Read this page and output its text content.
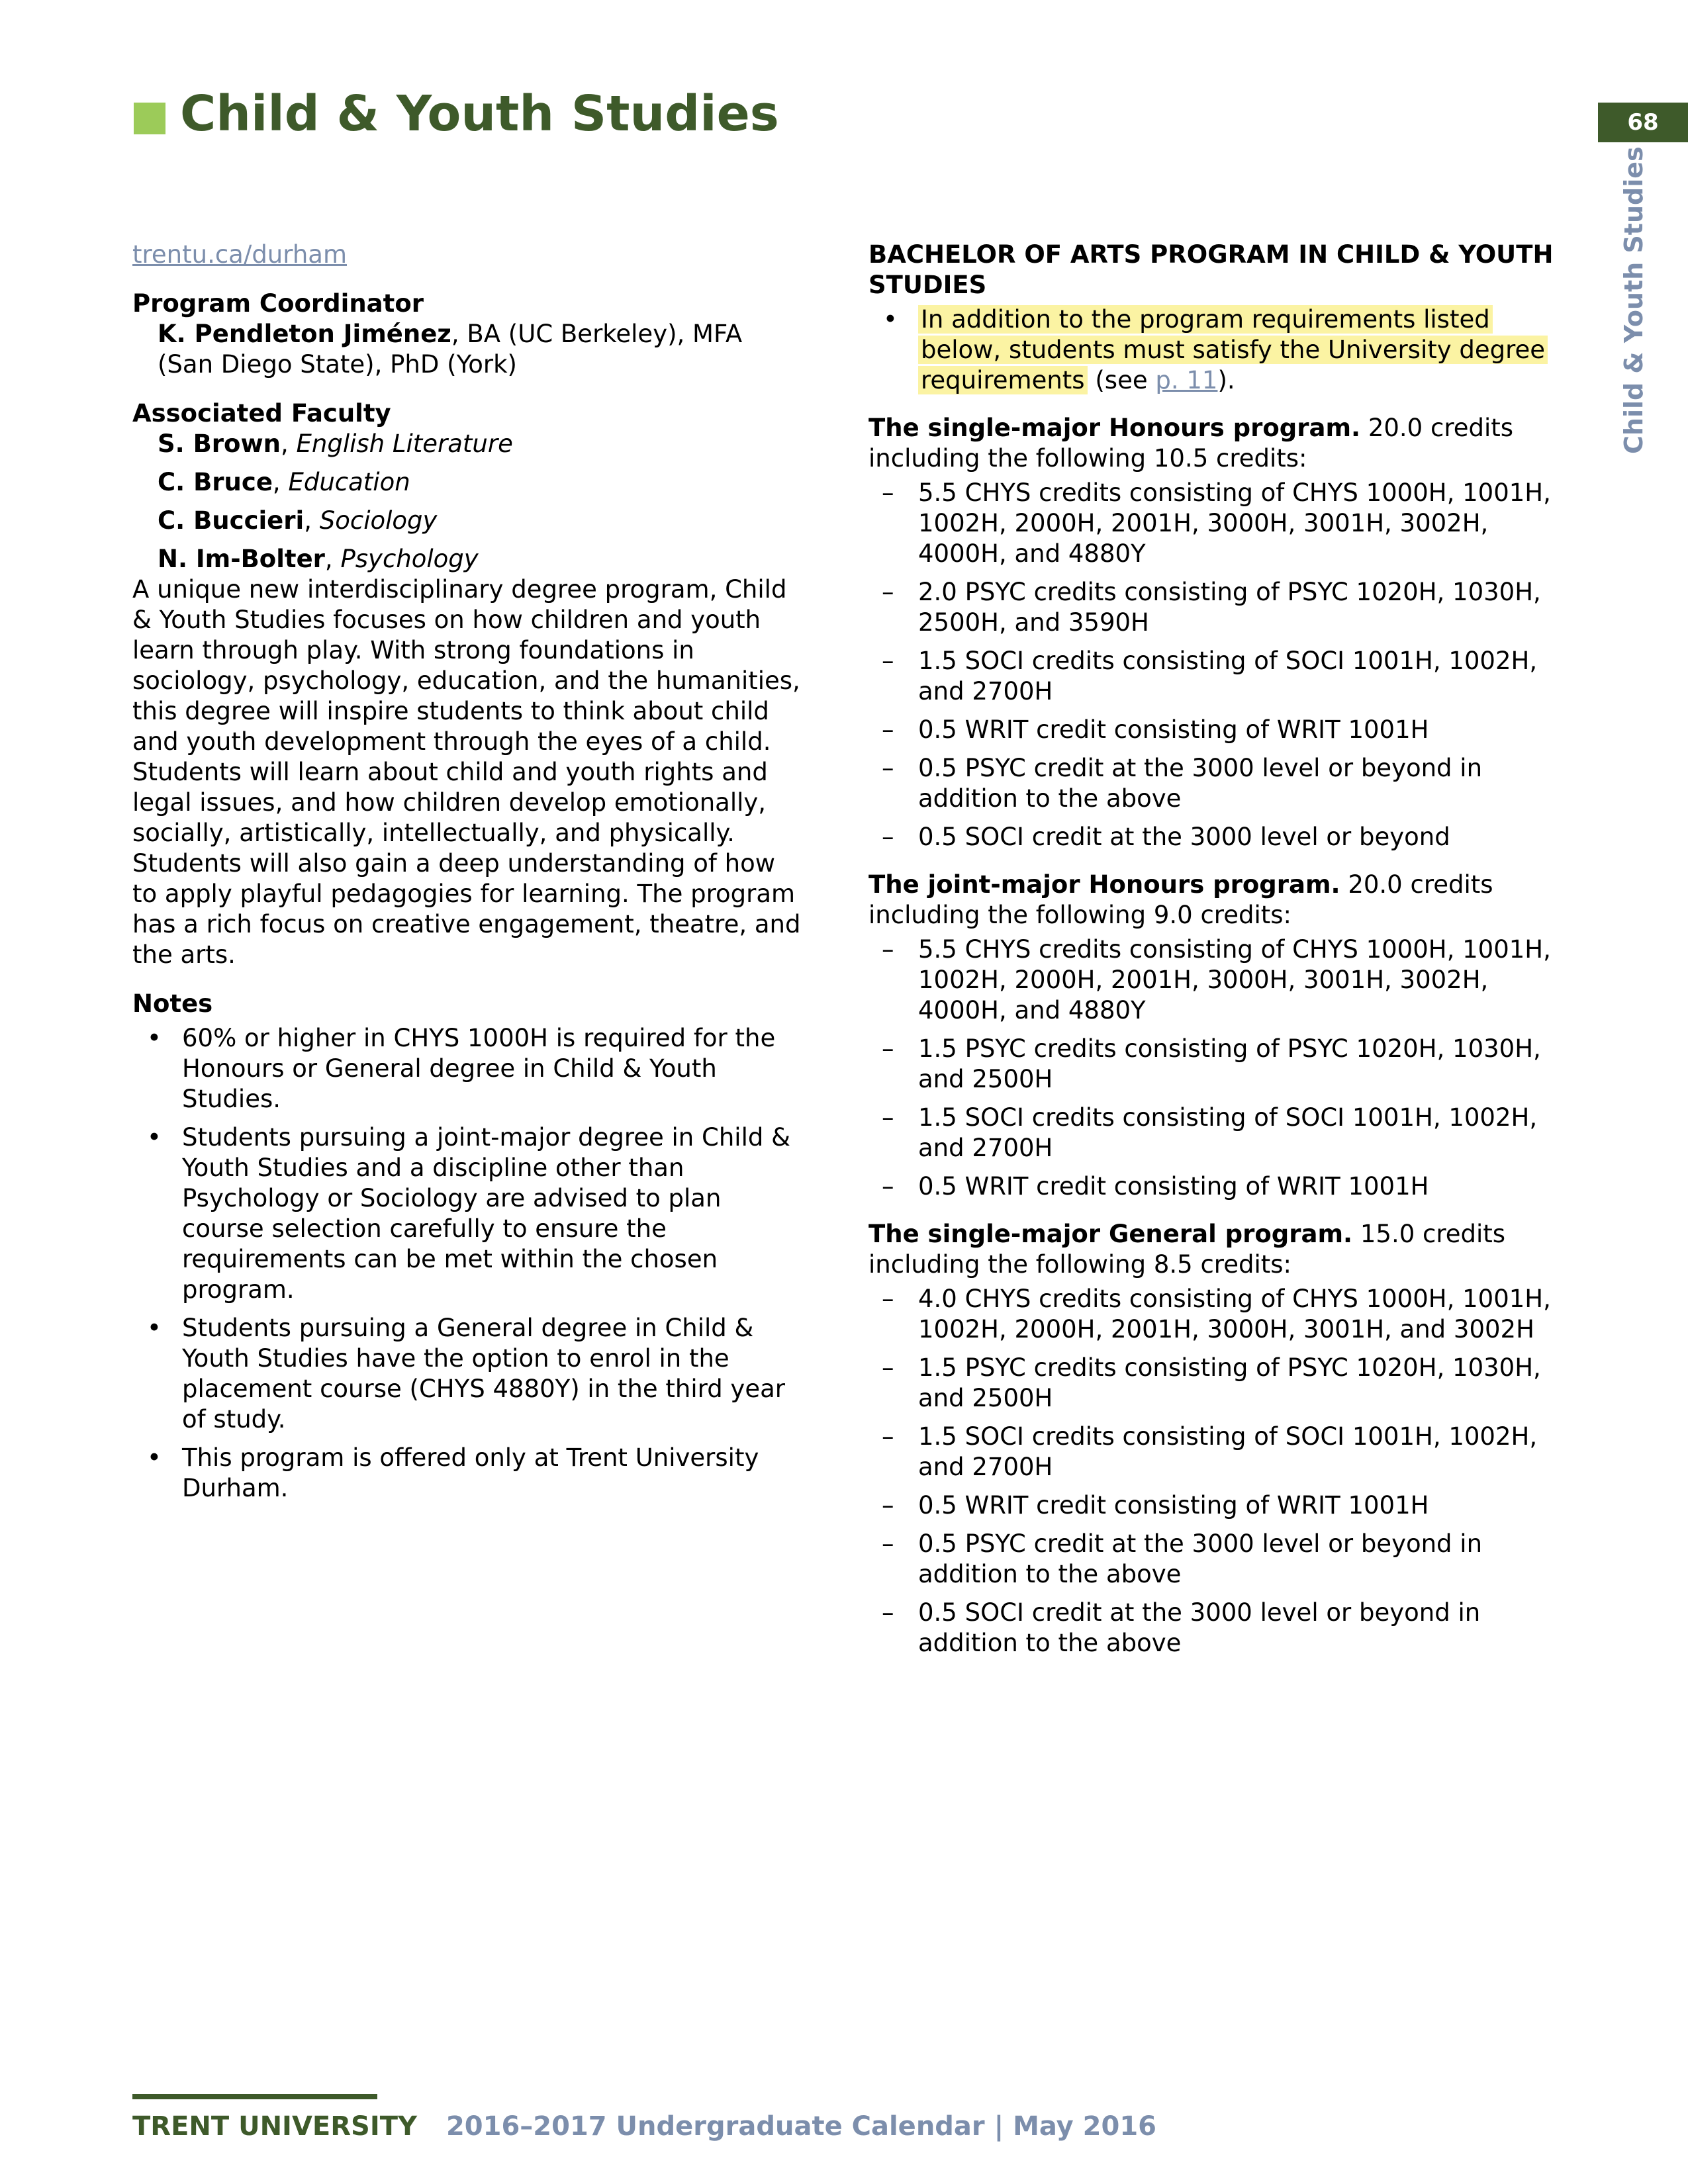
Child & Youth Studies	68
Child & Youth Studies
trentu.ca/durham

Program Coordinator

K. Pendleton Jiménez, BA (UC Berkeley), MFA (San Diego State), PhD (York)

Associated Faculty

S. Brown, English Literature
C. Bruce, Education
C. Buccieri, Sociology
N. Im-Bolter, Psychology

A unique new interdisciplinary degree program, Child & Youth Studies focuses on how children and youth learn through play. With strong foundations in sociology, psychology, education, and the humanities, this degree will inspire students to think about child and youth development through the eyes of a child. Students will learn about child and youth rights and legal issues, and how children develop emotionally, socially, artistically, intellectually, and physically. Students will also gain a deep understanding of how to apply playful pedagogies for learning. The program has a rich focus on creative engagement, theatre, and the arts.

Notes

• 60% or higher in CHYS 1000H is required for the Honours or General degree in Child & Youth Studies.
• Students pursuing a joint-major degree in Child & Youth Studies and a discipline other than Psychology or Sociology are advised to plan course selection carefully to ensure the requirements can be met within the chosen program.
• Students pursuing a General degree in Child & Youth Studies have the option to enrol in the placement course (CHYS 4880Y) in the third year of study.
• This program is offered only at Trent University Durham.

BACHELOR OF ARTS PROGRAM IN CHILD & YOUTH STUDIES

• In addition to the program requirements listed below, students must satisfy the University degree requirements (see p. 11).

The single-major Honours program. 20.0 credits including the following 10.5 credits:

– 5.5 CHYS credits consisting of CHYS 1000H, 1001H, 1002H, 2000H, 2001H, 3000H, 3001H, 3002H, 4000H, and 4880Y
– 2.0 PSYC credits consisting of PSYC 1020H, 1030H, 2500H, and 3590H
– 1.5 SOCI credits consisting of SOCI 1001H, 1002H, and 2700H
– 0.5 WRIT credit consisting of WRIT 1001H
– 0.5 PSYC credit at the 3000 level or beyond in addition to the above
– 0.5 SOCI credit at the 3000 level or beyond

The joint-major Honours program. 20.0 credits including the following 9.0 credits:

– 5.5 CHYS credits consisting of CHYS 1000H, 1001H, 1002H, 2000H, 2001H, 3000H, 3001H, 3002H, 4000H, and 4880Y
– 1.5 PSYC credits consisting of PSYC 1020H, 1030H, and 2500H
– 1.5 SOCI credits consisting of SOCI 1001H, 1002H, and 2700H
– 0.5 WRIT credit consisting of WRIT 1001H

The single-major General program. 15.0 credits including the following 8.5 credits:

– 4.0 CHYS credits consisting of CHYS 1000H, 1001H, 1002H, 2000H, 2001H, 3000H, 3001H, and 3002H
– 1.5 PSYC credits consisting of PSYC 1020H, 1030H, and 2500H
– 1.5 SOCI credits consisting of SOCI 1001H, 1002H, and 2700H
– 0.5 WRIT credit consisting of WRIT 1001H
– 0.5 PSYC credit at the 3000 level or beyond in addition to the above
– 0.5 SOCI credit at the 3000 level or beyond in addition to the above
TRENT UNIVERSITY 2016–2017 Undergraduate Calendar | May 2016
